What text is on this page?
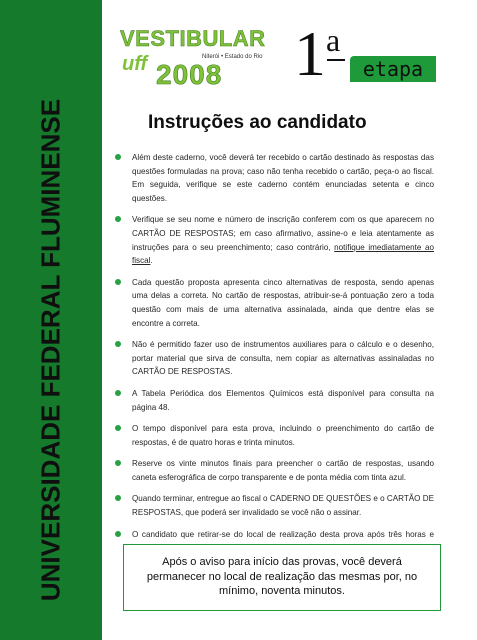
UNIVERSIDADE FEDERAL FLUMINENSE
VESTIBULAR
uff	Niterói • Estado do Rio
2008 1 a
etapa
Instruções ao candidato
Além deste caderno, você deverá ter recebido o cartão destinado às respostas das questões formuladas na prova; caso não tenha recebido o cartão, peça-o ao fiscal. Em seguida, verifique se este caderno contém enunciadas setenta e cinco questões.
Verifique se seu nome e número de inscrição conferem com os que aparecem no CARTÃO DE RESPOSTAS; em caso afirmativo, assine-o e leia atentamente as instruções para o seu preenchimento; caso contrário, notifique imediatamente ao fiscal.
Cada questão proposta apresenta cinco alternativas de resposta, sendo apenas uma delas a correta. No cartão de respostas, atribuir-se-á pontuação zero a toda questão com mais de uma alternativa assinalada, ainda que dentre elas se encontre a correta.
Não é permitido fazer uso de instrumentos auxiliares para o cálculo e o desenho, portar material que sirva de consulta, nem copiar as alternativas assinaladas no CARTÃO DE RESPOSTAS.
A Tabela Periódica dos Elementos Químicos está disponível para consulta na página 48.
O tempo disponível para esta prova, incluindo o preenchimento do cartão de respostas, é de quatro horas e trinta minutos.
Reserve os vinte minutos finais para preencher o cartão de respostas, usando caneta esferográfica de corpo transparente e de ponta média com tinta azul.
Quando terminar, entregue ao fiscal o CADERNO DE QUESTÕES e o CARTÃO DE RESPOSTAS, que poderá ser invalidado se você não o assinar.
O candidato que retirar-se do local de realização desta prova após três horas e
Após o aviso para início das provas, você deverá permanecer no local de realização das mesmas por, no mínimo, noventa minutos.
